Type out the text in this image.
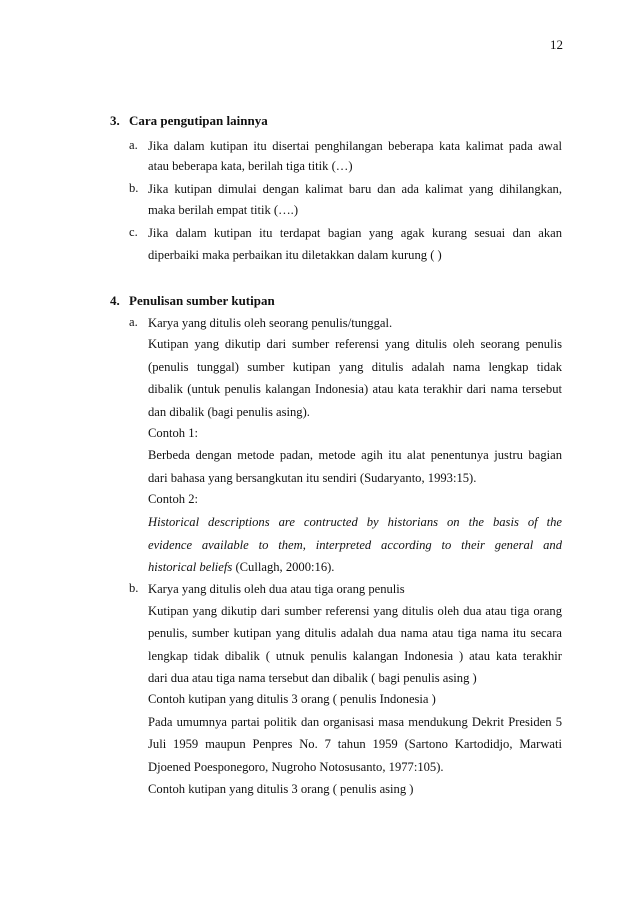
12
3. Cara pengutipan lainnya
a. Jika dalam kutipan itu disertai penghilangan beberapa kata kalimat pada awal
atau beberapa kata, berilah tiga titik (…)
b. Jika kutipan dimulai dengan kalimat baru dan ada kalimat yang dihilangkan,
maka berilah empat titik (….)
c. Jika dalam kutipan itu terdapat bagian yang agak kurang sesuai dan akan
diperbaiki maka perbaikan itu diletakkan dalam kurung ( )
4. Penulisan sumber kutipan
a. Karya yang ditulis oleh seorang penulis/tunggal.
Kutipan yang dikutip dari sumber referensi yang ditulis oleh seorang penulis
(penulis tunggal) sumber kutipan yang ditulis adalah nama lengkap tidak
dibalik (untuk penulis kalangan Indonesia) atau kata terakhir dari nama tersebut
dan dibalik (bagi penulis asing).
Contoh 1:
Berbeda dengan metode padan, metode agih itu alat penentunya justru bagian
dari bahasa yang bersangkutan itu sendiri (Sudaryanto, 1993:15).
Contoh 2:
Historical descriptions are contructed by historians on the basis of the
evidence available to them, interpreted according to their general and
historical beliefs (Cullagh, 2000:16).
b. Karya yang ditulis oleh dua atau tiga orang penulis
Kutipan yang dikutip dari sumber referensi yang ditulis oleh dua atau tiga orang
penulis, sumber kutipan yang ditulis adalah dua nama atau tiga nama itu secara
lengkap tidak dibalik ( utnuk penulis kalangan Indonesia ) atau kata terakhir
dari dua atau tiga nama tersebut dan dibalik ( bagi penulis asing )
Contoh kutipan yang ditulis 3 orang ( penulis Indonesia )
Pada umumnya partai politik dan organisasi masa mendukung Dekrit Presiden 5
Juli 1959 maupun Penpres No. 7 tahun 1959 (Sartono Kartodidjo, Marwati
Djoened Poesponegoro, Nugroho Notosusanto, 1977:105).
Contoh kutipan yang ditulis 3 orang ( penulis asing )
